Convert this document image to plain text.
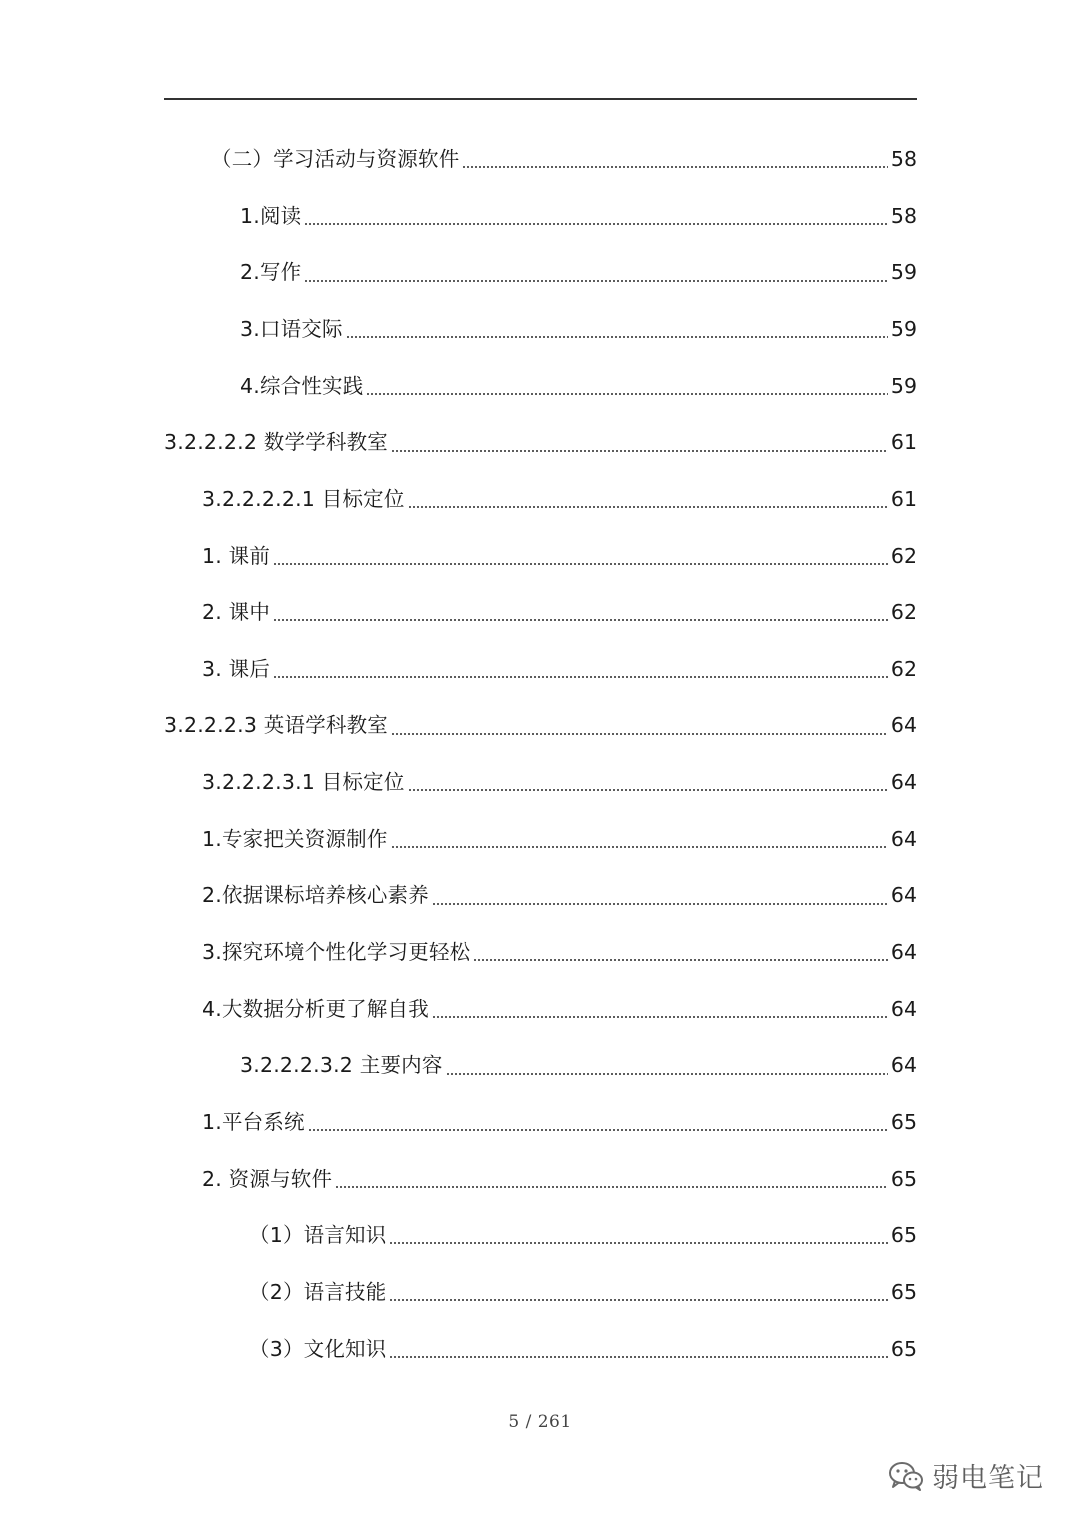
（二）学习活动与资源软件	58
1.阅读	58
2.写作	59
3.口语交际	59
4.综合性实践	59
3.2.2.2.2 数学学科教室	61
3.2.2.2.2.1 目标定位	61
1. 课前	62
2. 课中	62
3. 课后	62
3.2.2.2.3 英语学科教室	64
3.2.2.2.3.1 目标定位	64
1.专家把关资源制作	64
2.依据课标培养核心素养	64
3.探究环境个性化学习更轻松	64
4.大数据分析更了解自我	64
3.2.2.2.3.2 主要内容	64
1.平台系统	65
2. 资源与软件	65
（1）语言知识	65
（2）语言技能	65
（3）文化知识	65
5 / 261
弱电笔记
